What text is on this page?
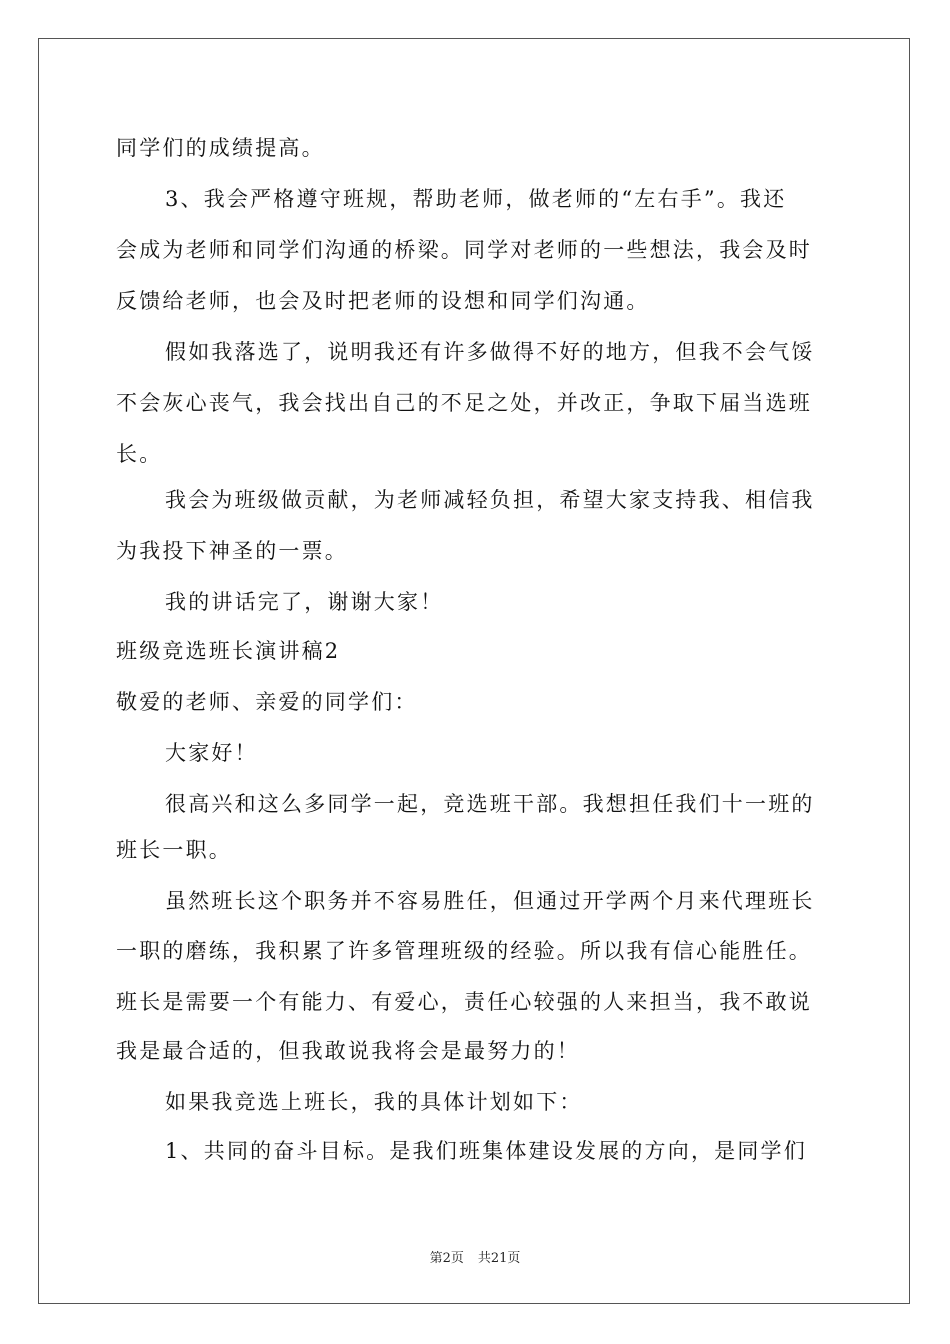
同学们的成绩提高。
3、我会严格遵守班规，帮助老师，做老师的“左右手”。我还
会成为老师和同学们沟通的桥梁。同学对老师的一些想法，我会及时
反馈给老师，也会及时把老师的设想和同学们沟通。
假如我落选了，说明我还有许多做得不好的地方，但我不会气馁
不会灰心丧气，我会找出自己的不足之处，并改正，争取下届当选班
长。
我会为班级做贡献，为老师减轻负担，希望大家支持我、相信我
为我投下神圣的一票。
我的讲话完了，谢谢大家！
班级竞选班长演讲稿2
敬爱的老师、亲爱的同学们：
大家好！
很高兴和这么多同学一起，竞选班干部。我想担任我们十一班的
班长一职。
虽然班长这个职务并不容易胜任，但通过开学两个月来代理班长
一职的磨练，我积累了许多管理班级的经验。所以我有信心能胜任。
班长是需要一个有能力、有爱心，责任心较强的人来担当，我不敢说
我是最合适的，但我敢说我将会是最努力的！
如果我竞选上班长，我的具体计划如下：
1、共同的奋斗目标。是我们班集体建设发展的方向，是同学们
第2页 共21页
